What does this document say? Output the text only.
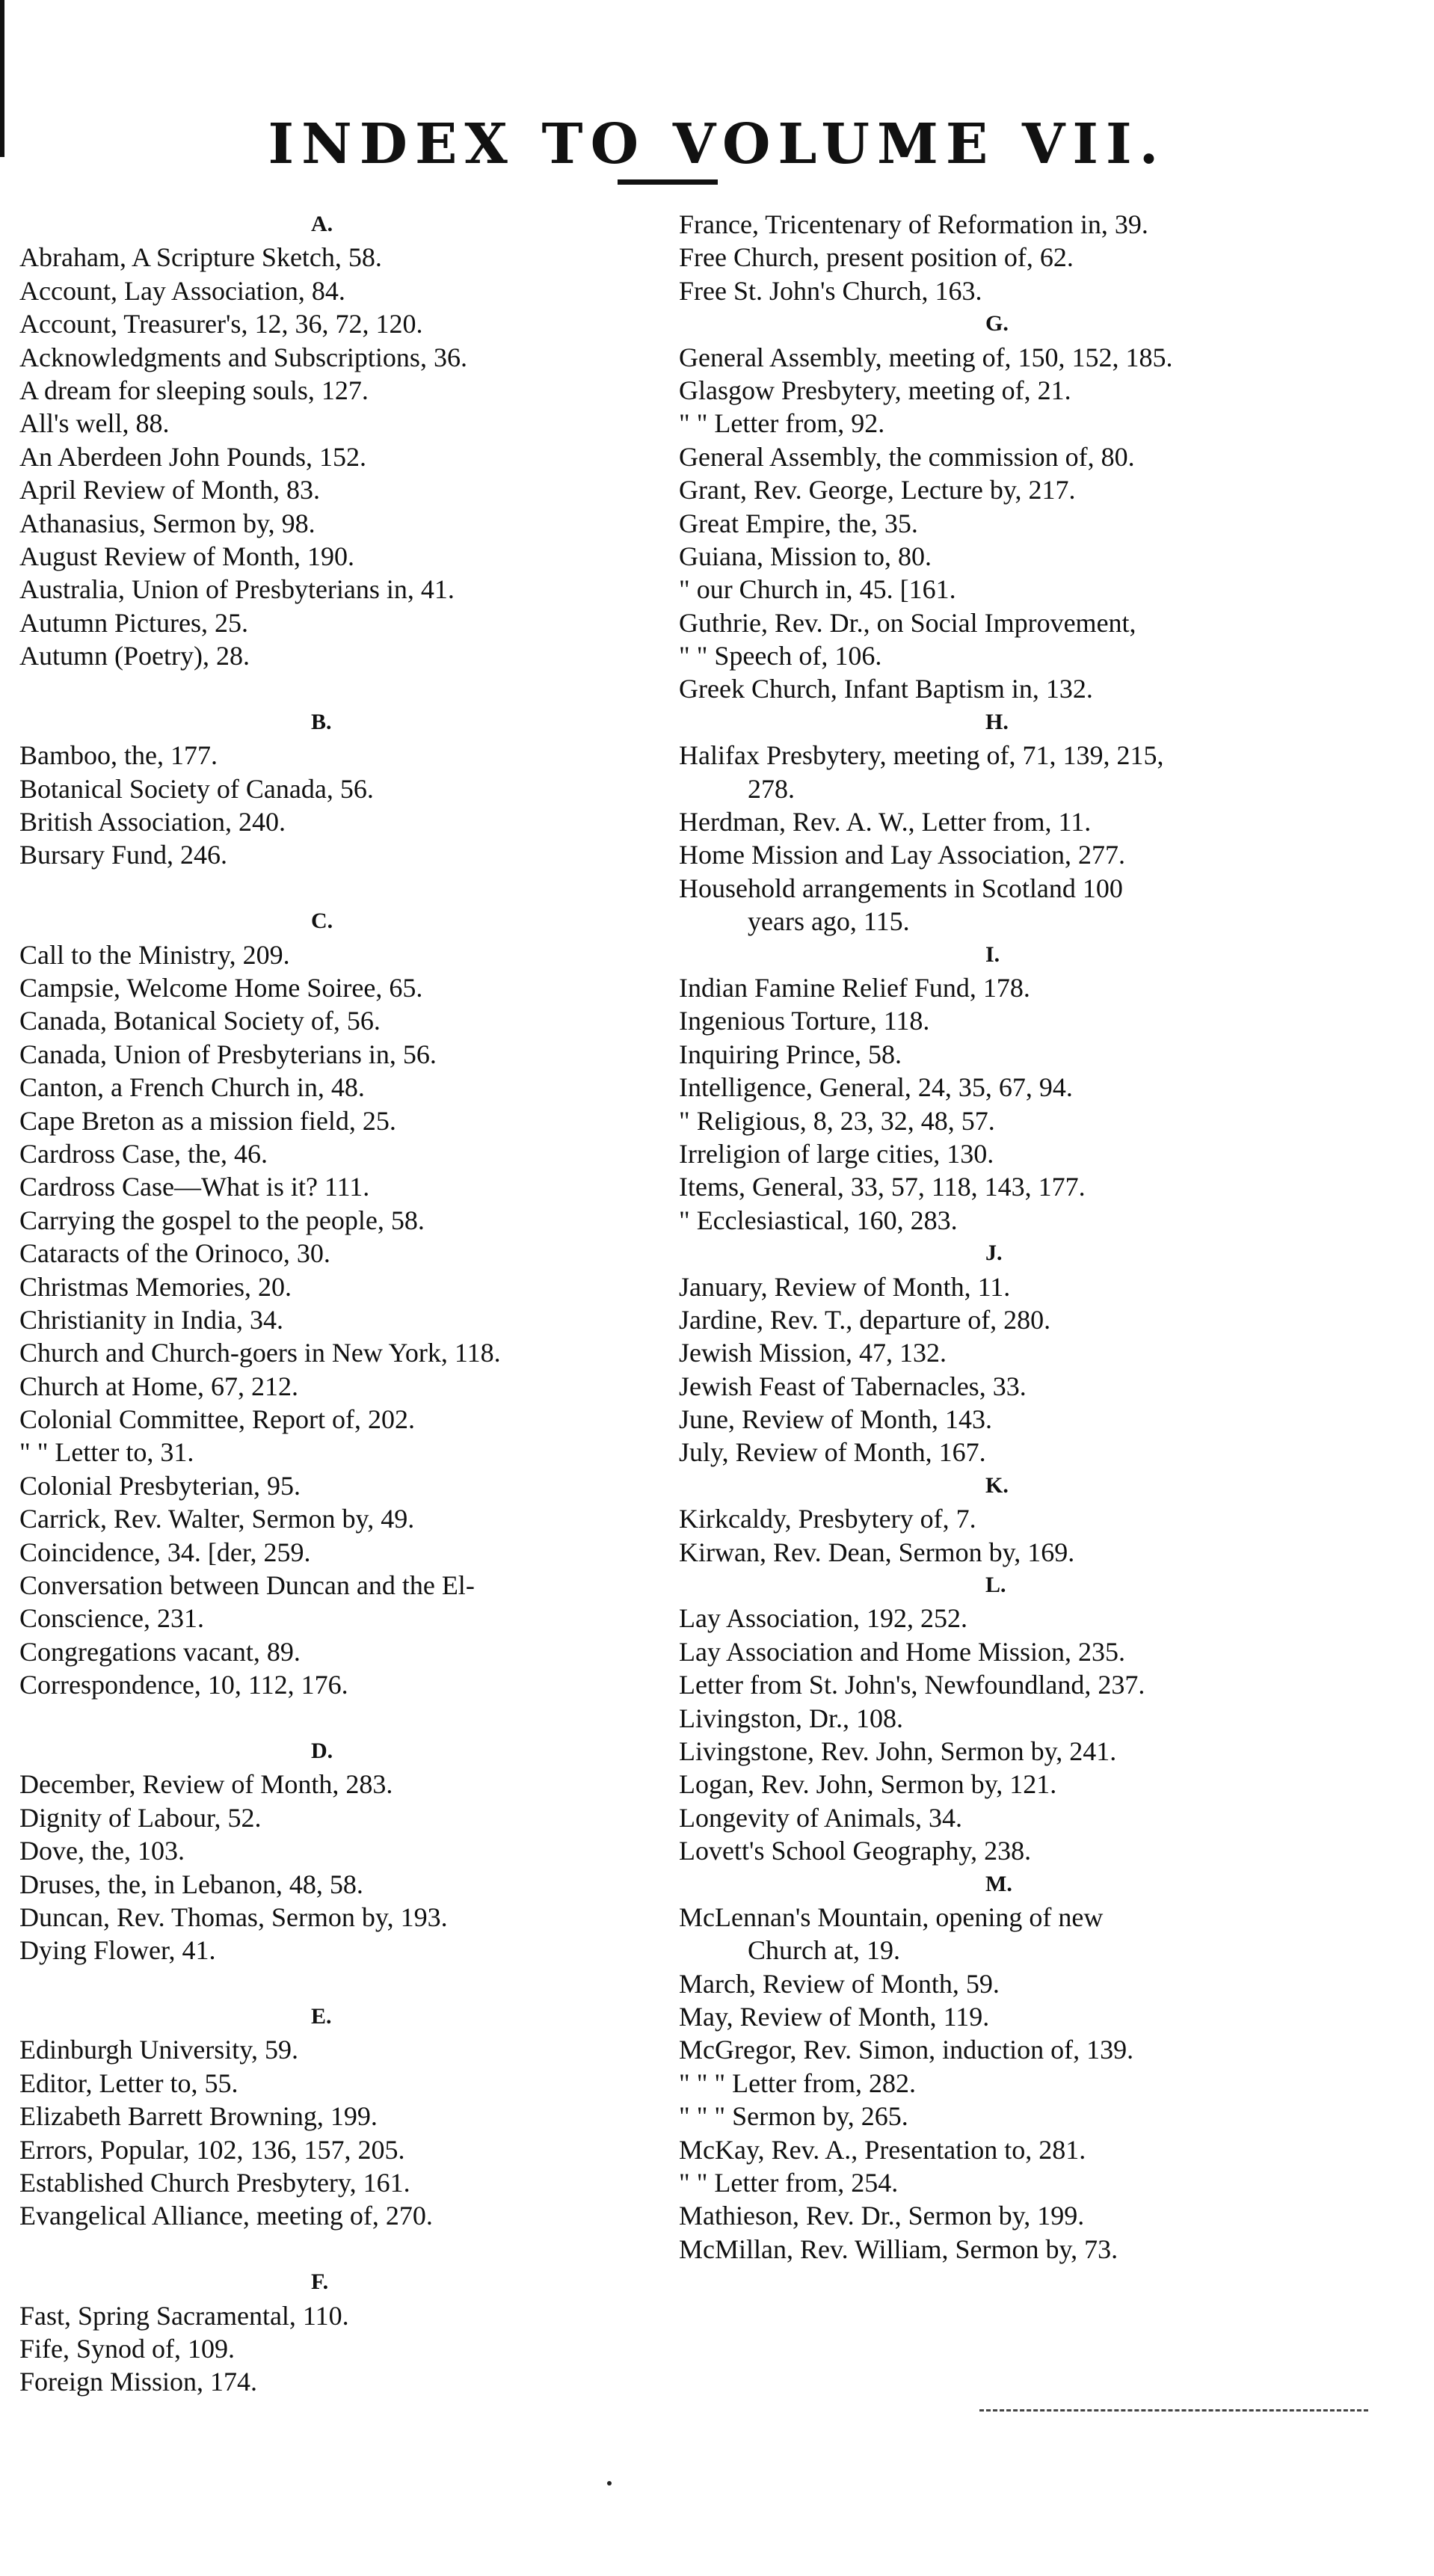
INDEX TO VOLUME VII.
A.
Abraham, A Scripture Sketch, 58.
Account, Lay Association, 84.
Account, Treasurer's, 12, 36, 72, 120.
Acknowledgments and Subscriptions, 36.
A dream for sleeping souls, 127.
All's well, 88.
An Aberdeen John Pounds, 152.
April Review of Month, 83.
Athanasius, Sermon by, 98.
August Review of Month, 190.
Australia, Union of Presbyterians in, 41.
Autumn Pictures, 25.
Autumn (Poetry), 28.
B.
Bamboo, the, 177.
Botanical Society of Canada, 56.
British Association, 240.
Bursary Fund, 246.
C.
Call to the Ministry, 209.
Campsie, Welcome Home Soiree, 65.
Canada, Botanical Society of, 56.
Canada, Union of Presbyterians in, 56.
Canton, a French Church in, 48.
Cape Breton as a mission field, 25.
Cardross Case, the, 46.
Cardross Case—What is it? 111.
Carrying the gospel to the people, 58.
Cataracts of the Orinoco, 30.
Christmas Memories, 20.
Christianity in India, 34.
Church and Church-goers in New York, 118.
Church at Home, 67, 212.
Colonial Committee, Report of, 202.
" " Letter to, 31.
Colonial Presbyterian, 95.
Carrick, Rev. Walter, Sermon by, 49.
Coincidence, 34. [der, 259.
Conversation between Duncan and the El-
Conscience, 231.
Congregations vacant, 89.
Correspondence, 10, 112, 176.
D.
December, Review of Month, 283.
Dignity of Labour, 52.
Dove, the, 103.
Druses, the, in Lebanon, 48, 58.
Duncan, Rev. Thomas, Sermon by, 193.
Dying Flower, 41.
E.
Edinburgh University, 59.
Editor, Letter to, 55.
Elizabeth Barrett Browning, 199.
Errors, Popular, 102, 136, 157, 205.
Established Church Presbytery, 161.
Evangelical Alliance, meeting of, 270.
F.
Fast, Spring Sacramental, 110.
Fife, Synod of, 109.
Foreign Mission, 174.
France, Tricentenary of Reformation in, 39.
Free Church, present position of, 62.
Free St. John's Church, 163.
G.
General Assembly, meeting of, 150, 152, 185.
Glasgow Presbytery, meeting of, 21.
" " Letter from, 92.
General Assembly, the commission of, 80.
Grant, Rev. George, Lecture by, 217.
Great Empire, the, 35.
Guiana, Mission to, 80.
" our Church in, 45. [161.
Guthrie, Rev. Dr., on Social Improvement,
" " Speech of, 106.
Greek Church, Infant Baptism in, 132.
H.
Halifax Presbytery, meeting of, 71, 139, 215,
278.
Herdman, Rev. A. W., Letter from, 11.
Home Mission and Lay Association, 277.
Household arrangements in Scotland 100
years ago, 115.
I.
Indian Famine Relief Fund, 178.
Ingenious Torture, 118.
Inquiring Prince, 58.
Intelligence, General, 24, 35, 67, 94.
" Religious, 8, 23, 32, 48, 57.
Irreligion of large cities, 130.
Items, General, 33, 57, 118, 143, 177.
" Ecclesiastical, 160, 283.
J.
January, Review of Month, 11.
Jardine, Rev. T., departure of, 280.
Jewish Mission, 47, 132.
Jewish Feast of Tabernacles, 33.
June, Review of Month, 143.
July, Review of Month, 167.
K.
Kirkcaldy, Presbytery of, 7.
Kirwan, Rev. Dean, Sermon by, 169.
L.
Lay Association, 192, 252.
Lay Association and Home Mission, 235.
Letter from St. John's, Newfoundland, 237.
Livingston, Dr., 108.
Livingstone, Rev. John, Sermon by, 241.
Logan, Rev. John, Sermon by, 121.
Longevity of Animals, 34.
Lovett's School Geography, 238.
M.
McLennan's Mountain, opening of new
Church at, 19.
March, Review of Month, 59.
May, Review of Month, 119.
McGregor, Rev. Simon, induction of, 139.
" " " Letter from, 282.
" " " Sermon by, 265.
McKay, Rev. A., Presentation to, 281.
" " Letter from, 254.
Mathieson, Rev. Dr., Sermon by, 199.
McMillan, Rev. William, Sermon by, 73.
